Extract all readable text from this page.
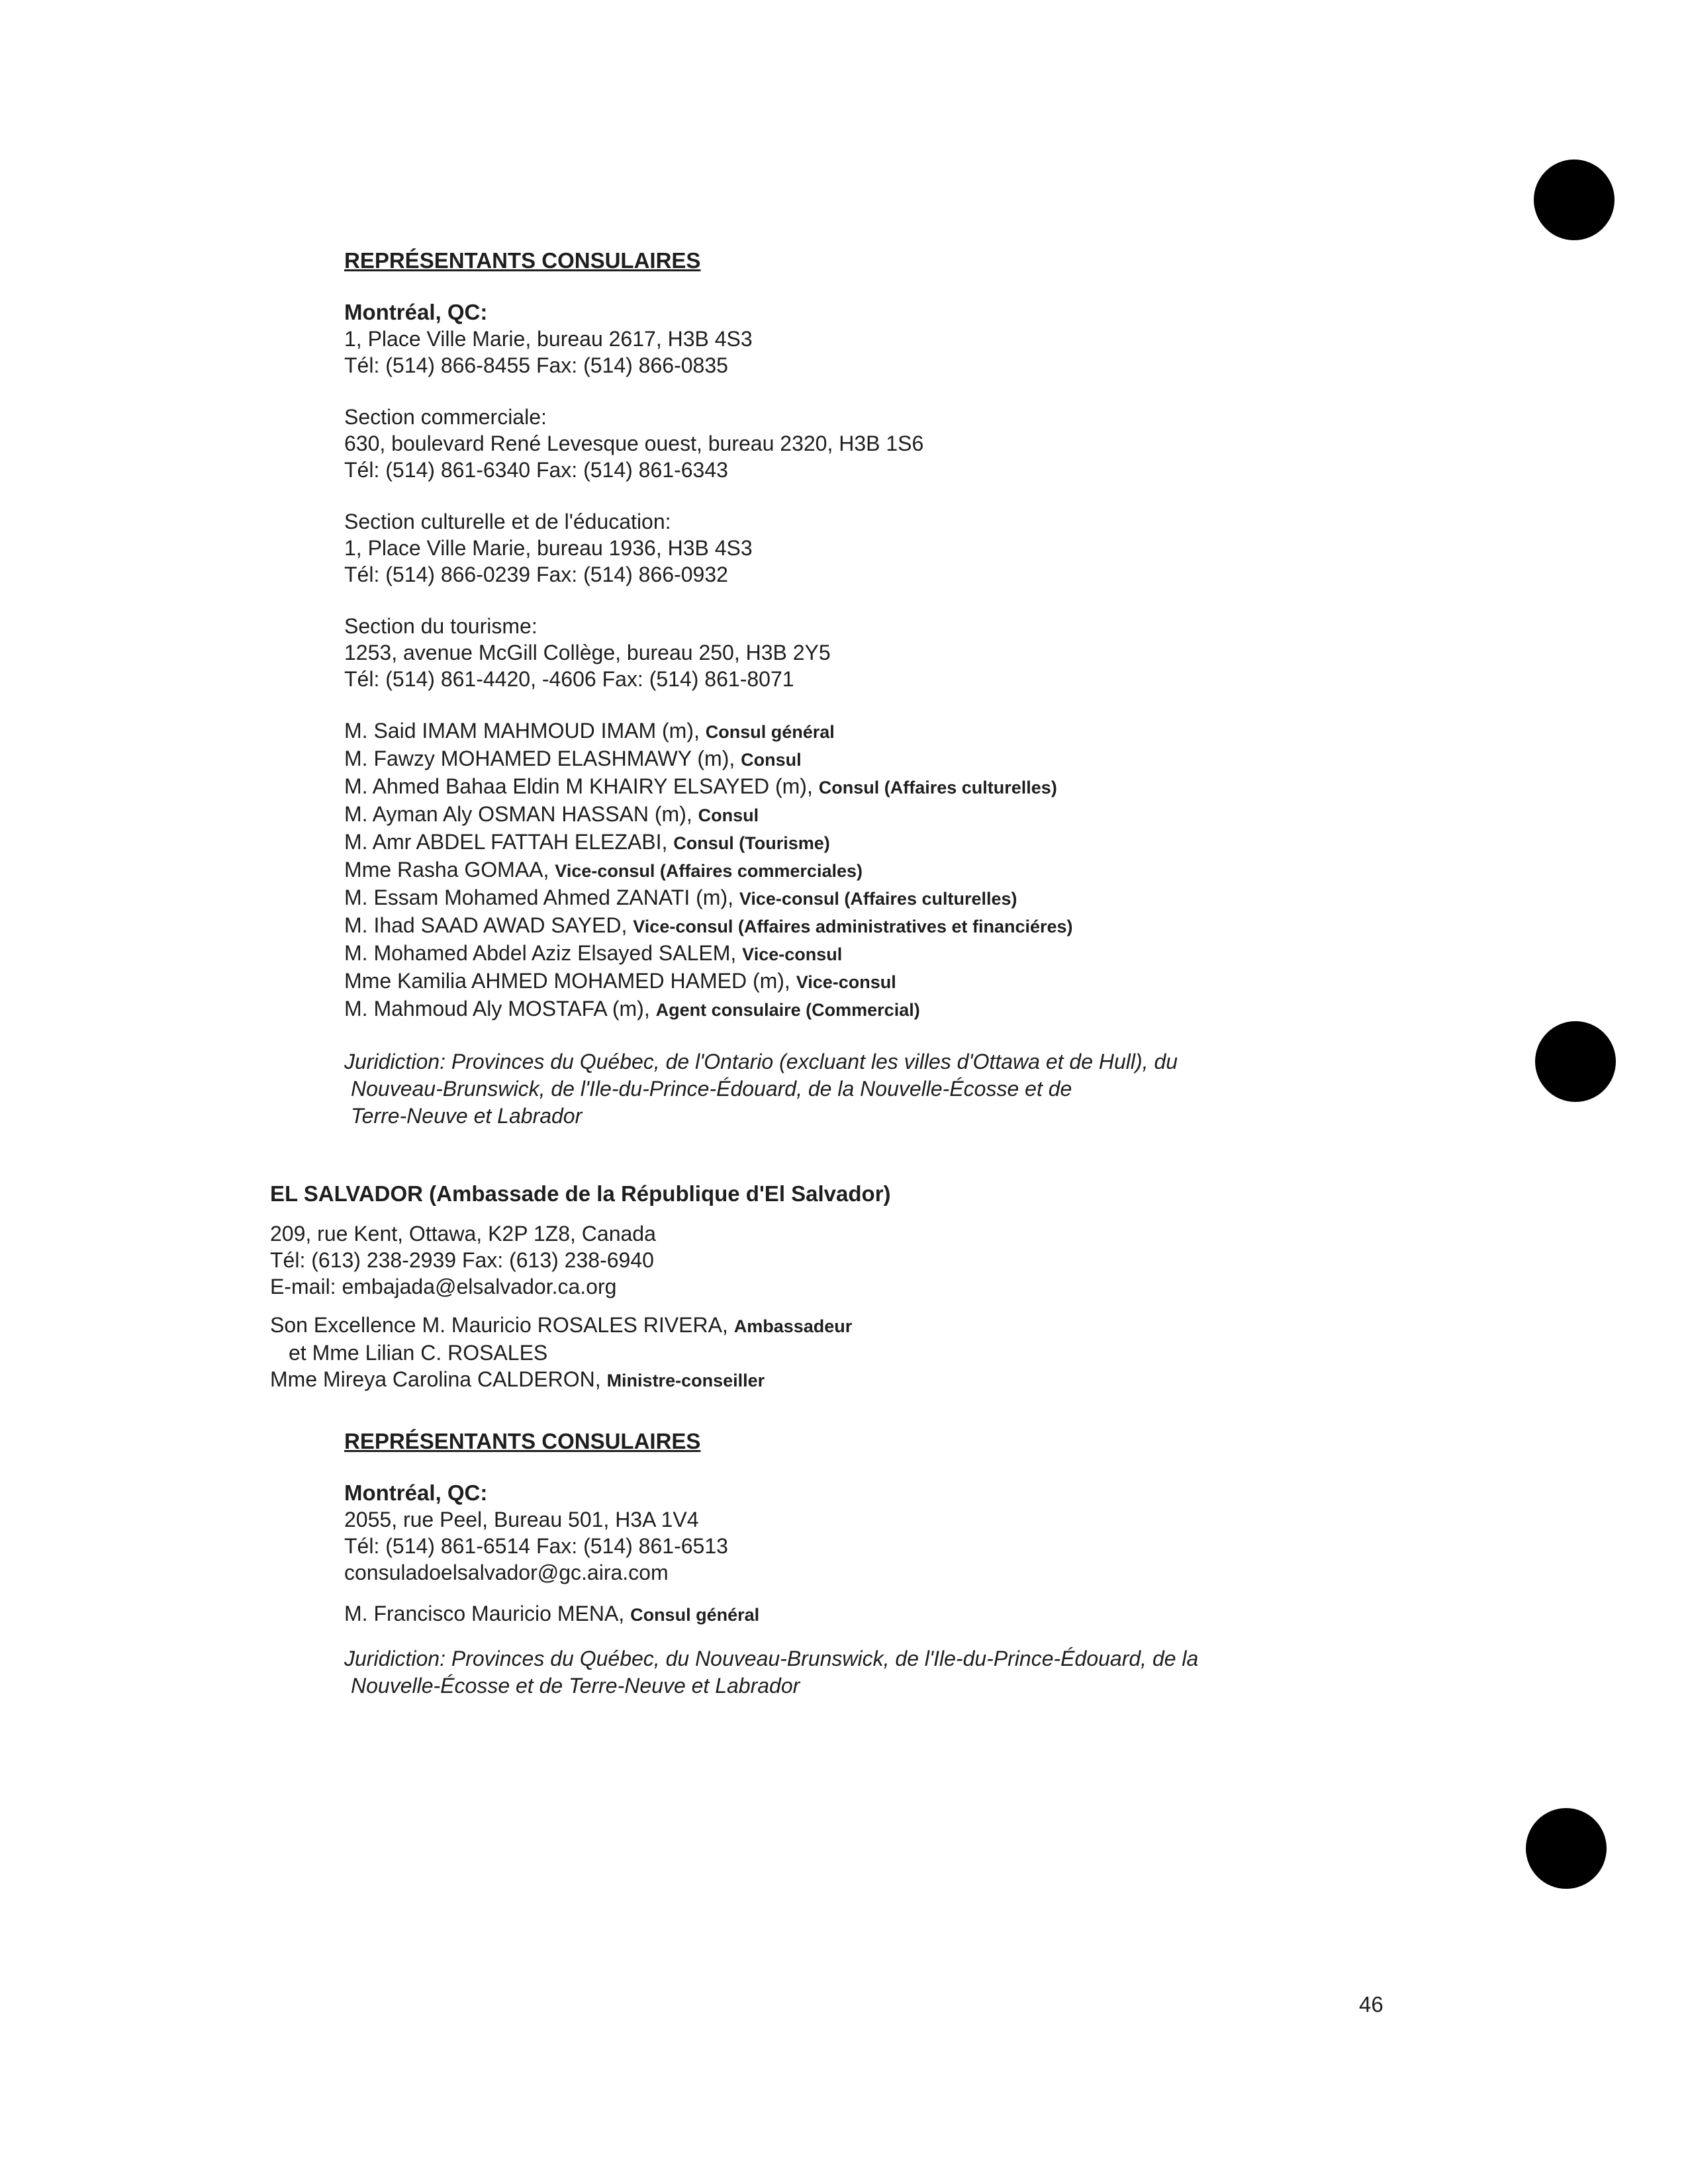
REPRÉSENTANTS CONSULAIRES
Montréal, QC:
1, Place Ville Marie, bureau 2617, H3B 4S3
Tél: (514) 866-8455 Fax: (514) 866-0835
Section commerciale:
630, boulevard René Levesque ouest, bureau 2320, H3B 1S6
Tél: (514) 861-6340 Fax: (514) 861-6343
Section culturelle et de l'éducation:
1, Place Ville Marie, bureau 1936, H3B 4S3
Tél: (514) 866-0239 Fax: (514) 866-0932
Section du tourisme:
1253, avenue McGill Collège, bureau 250, H3B 2Y5
Tél: (514) 861-4420, -4606 Fax: (514) 861-8071
M. Said IMAM MAHMOUD IMAM (m), Consul général
M. Fawzy MOHAMED ELASHMAWY (m), Consul
M. Ahmed Bahaa Eldin M KHAIRY ELSAYED (m), Consul (Affaires culturelles)
M. Ayman Aly OSMAN HASSAN (m), Consul
M. Amr ABDEL FATTAH ELEZABI, Consul (Tourisme)
Mme Rasha GOMAA, Vice-consul (Affaires commerciales)
M. Essam Mohamed Ahmed ZANATI (m), Vice-consul (Affaires culturelles)
M. Ihad SAAD AWAD SAYED, Vice-consul (Affaires administratives et financiéres)
M. Mohamed Abdel Aziz Elsayed SALEM, Vice-consul
Mme Kamilia AHMED MOHAMED HAMED (m), Vice-consul
M. Mahmoud Aly MOSTAFA (m), Agent consulaire (Commercial)
Juridiction: Provinces du Québec, de l'Ontario (excluant les villes d'Ottawa et de Hull), du
Nouveau-Brunswick, de l'Ile-du-Prince-Édouard, de la Nouvelle-Écosse et de
Terre-Neuve et Labrador
EL SALVADOR (Ambassade de la République d'El Salvador)
209, rue Kent, Ottawa, K2P 1Z8, Canada
Tél: (613) 238-2939 Fax: (613) 238-6940
E-mail: embajada@elsalvador.ca.org
Son Excellence M. Mauricio ROSALES RIVERA, Ambassadeur
et Mme Lilian C. ROSALES
Mme Mireya Carolina CALDERON, Ministre-conseiller
REPRÉSENTANTS CONSULAIRES
Montréal, QC:
2055, rue Peel, Bureau 501, H3A 1V4
Tél: (514) 861-6514 Fax: (514) 861-6513
consuladoelsalvador@gc.aira.com
M. Francisco Mauricio MENA, Consul général
Juridiction: Provinces du Québec, du Nouveau-Brunswick, de l'Ile-du-Prince-Édouard, de la
Nouvelle-Écosse et de Terre-Neuve et Labrador
46
